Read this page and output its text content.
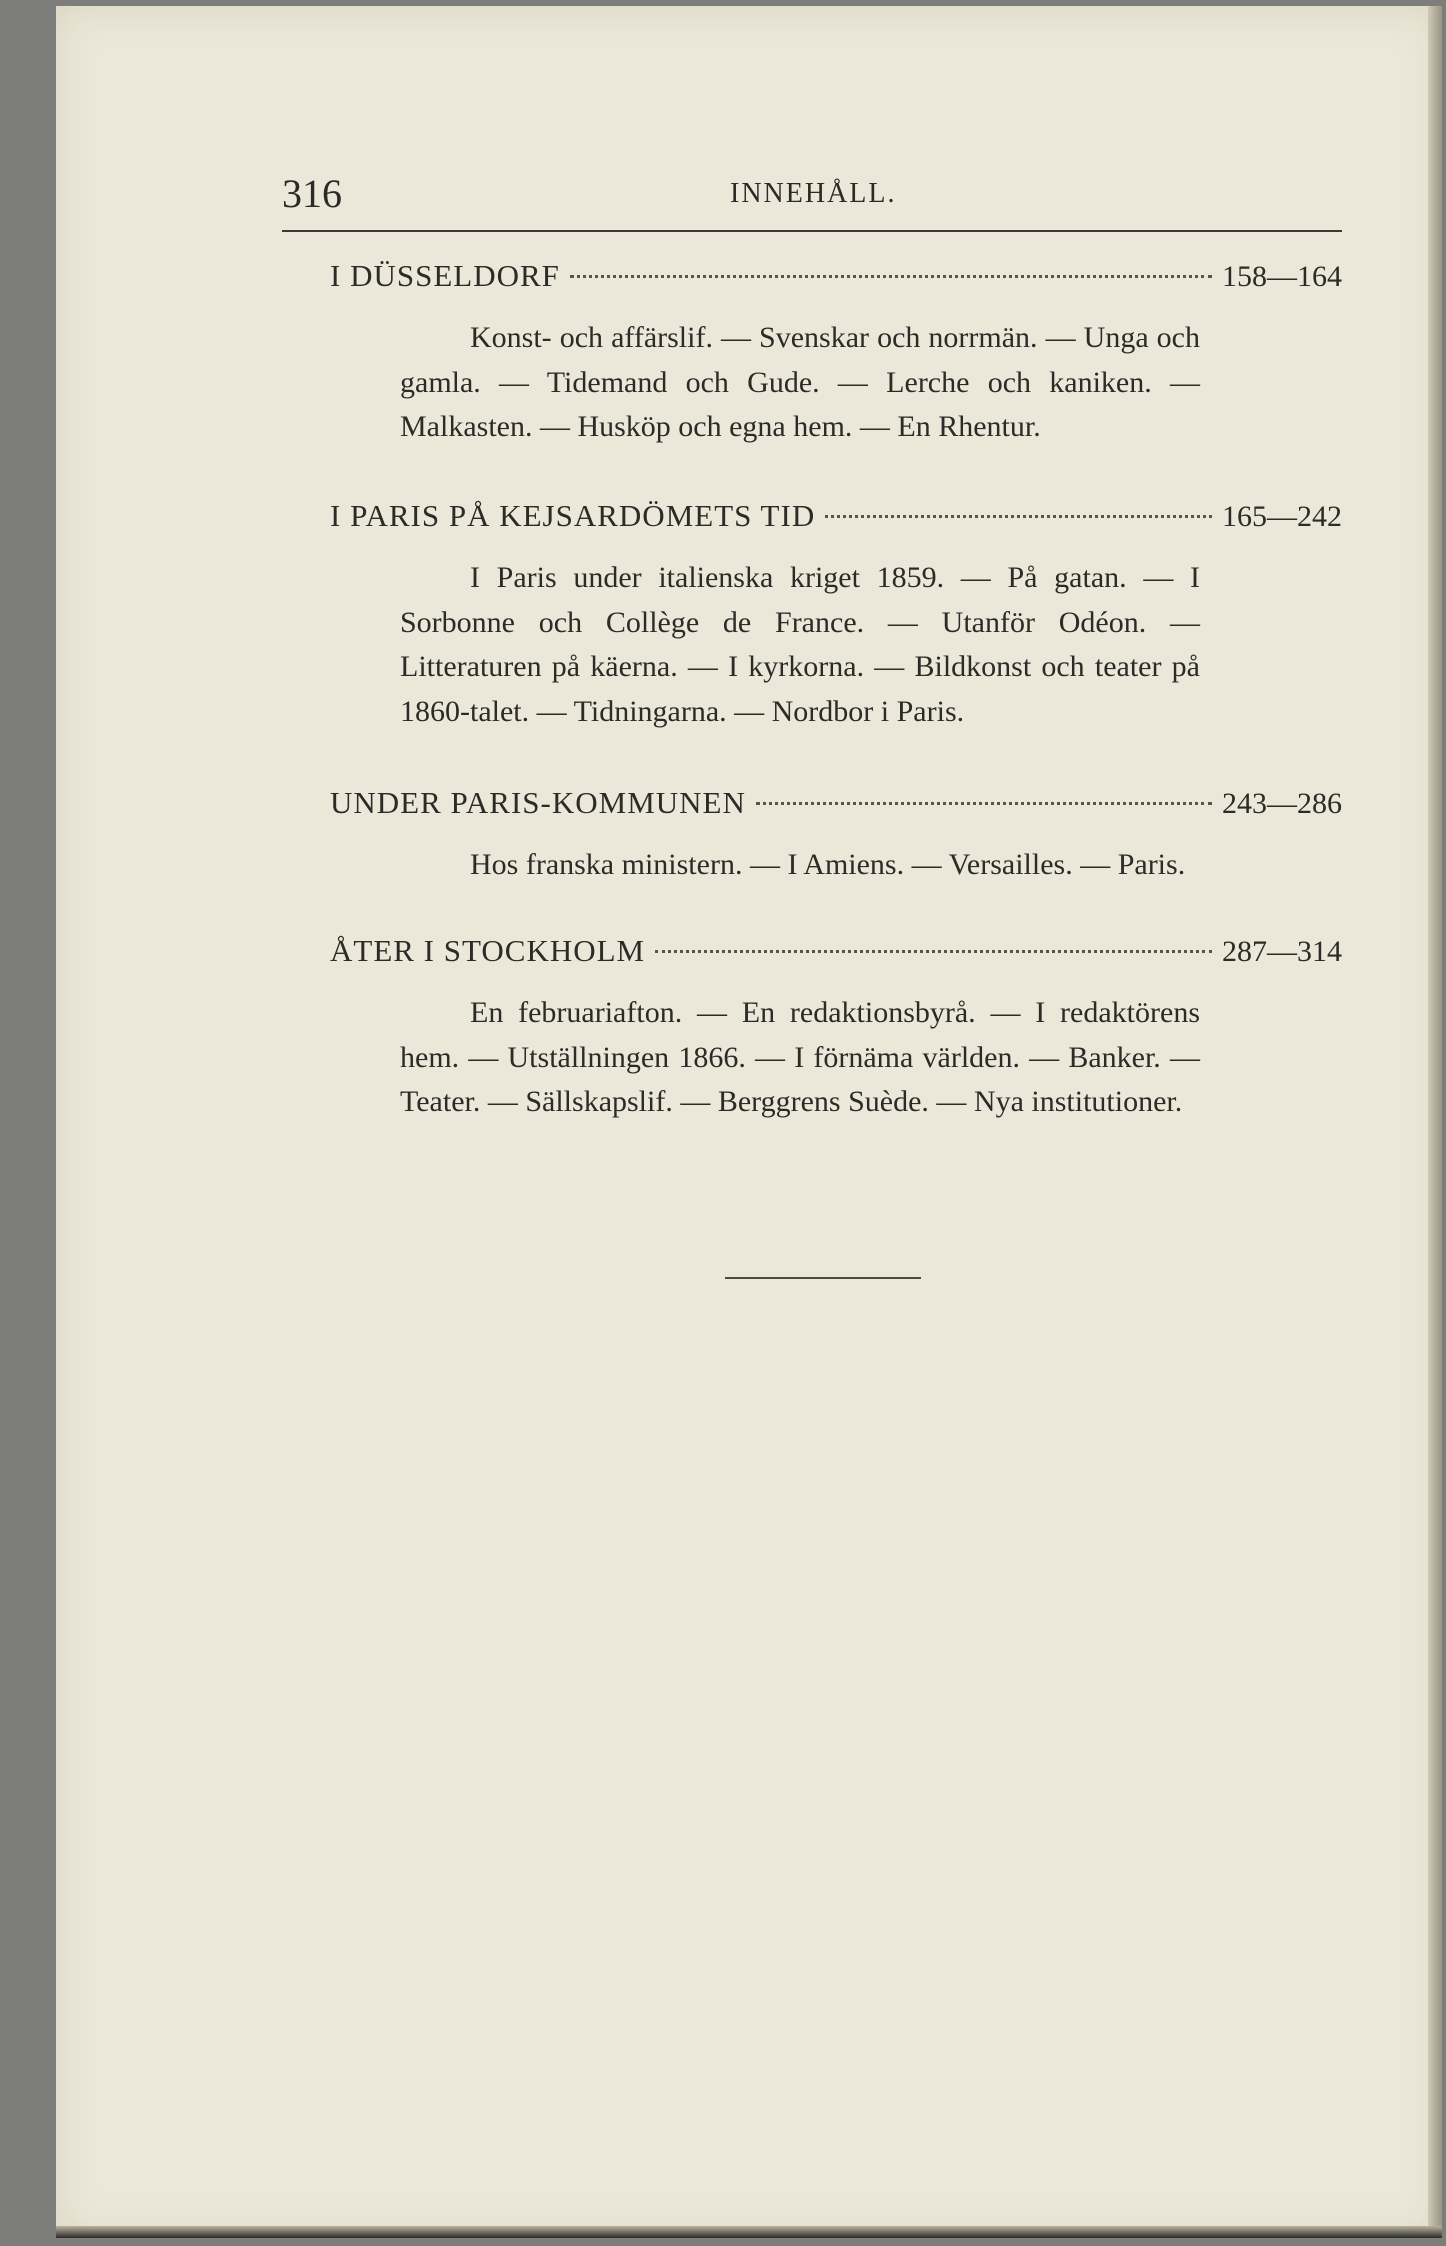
316	INNEHÅLL.
I DÜSSELDORF	158—164
Konst- och affärslif. — Svenskar och norrmän. — Unga och gamla. — Tidemand och Gude. — Lerche och kaniken. — Malkasten. — Husköp och egna hem. — En Rhentur.
I PARIS PÅ KEJSARDÖMETS TID	165—242
I Paris under italienska kriget 1859. — På gatan. — I Sorbonne och Collège de France. — Utanför Odéon. — Litteraturen på käerna. — I kyrkorna. — Bildkonst och teater på 1860-talet. — Tidningarna. — Nordbor i Paris.
UNDER PARIS-KOMMUNEN	243—286
Hos franska ministern. — I Amiens. — Versailles. — Paris.
ÅTER I STOCKHOLM	287—314
En februariafton. — En redaktionsbyrå. — I redaktörens hem. — Utställningen 1866. — I förnäma världen. — Banker. — Teater. — Sällskapslif. — Berggrens Suède. — Nya institutioner.
